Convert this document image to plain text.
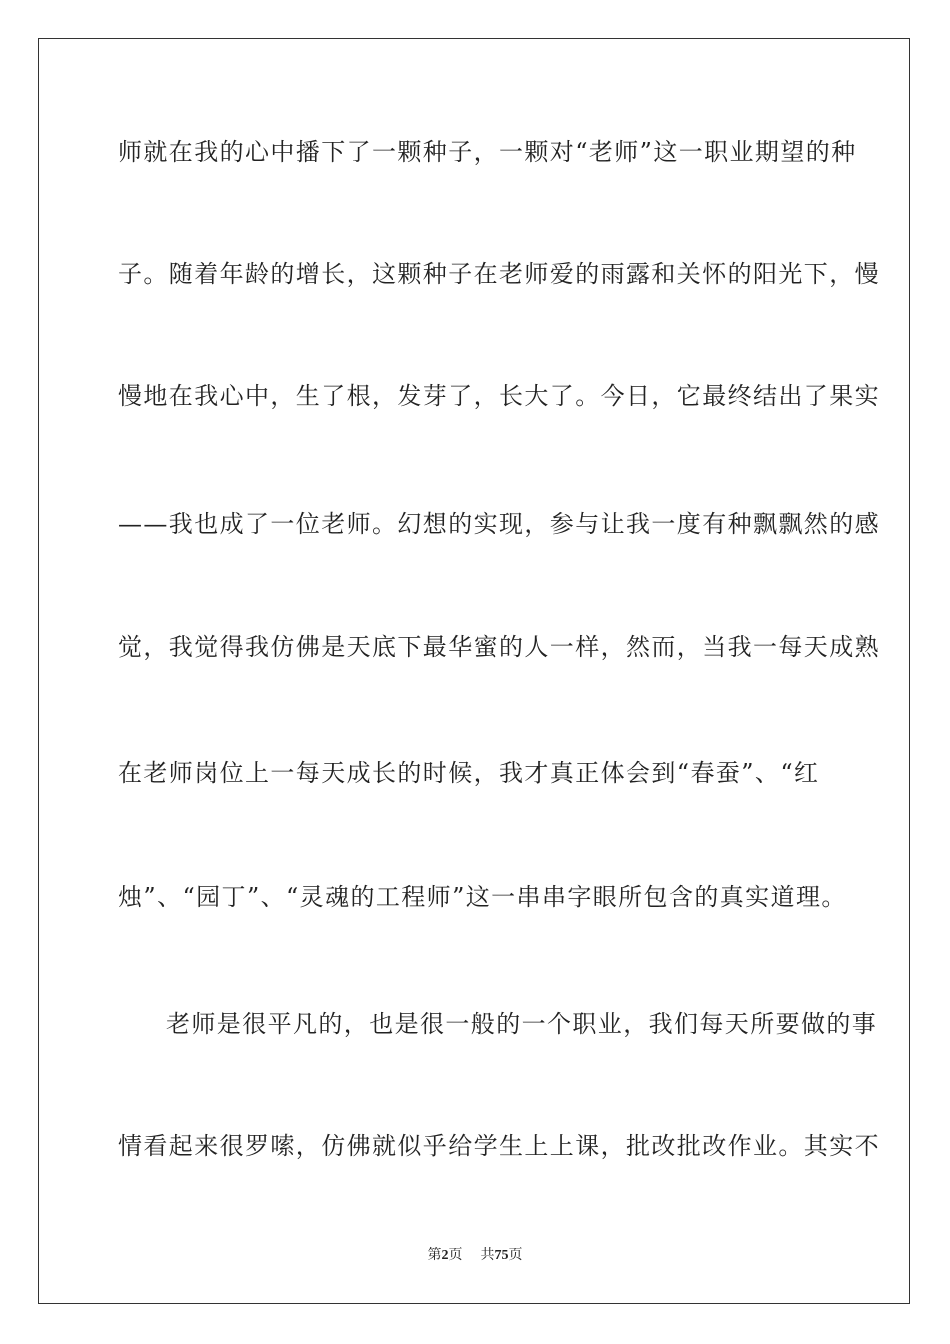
师就在我的心中播下了一颗种子，一颗对“老师”这一职业期望的种
子。随着年龄的增长，这颗种子在老师爱的雨露和关怀的阳光下，慢
慢地在我心中，生了根，发芽了，长大了。今日，它最终结出了果实
——我也成了一位老师。幻想的实现，参与让我一度有种飘飘然的感
觉，我觉得我仿佛是天底下最华蜜的人一样，然而，当我一每天成熟
在老师岗位上一每天成长的时候，我才真正体会到“春蚕”、“红
烛”、“园丁”、“灵魂的工程师”这一串串字眼所包含的真实道理。
老师是很平凡的，也是很一般的一个职业，我们每天所要做的事
情看起来很罗嗦，仿佛就似乎给学生上上课，批改批改作业。其实不
第2页 共75页
